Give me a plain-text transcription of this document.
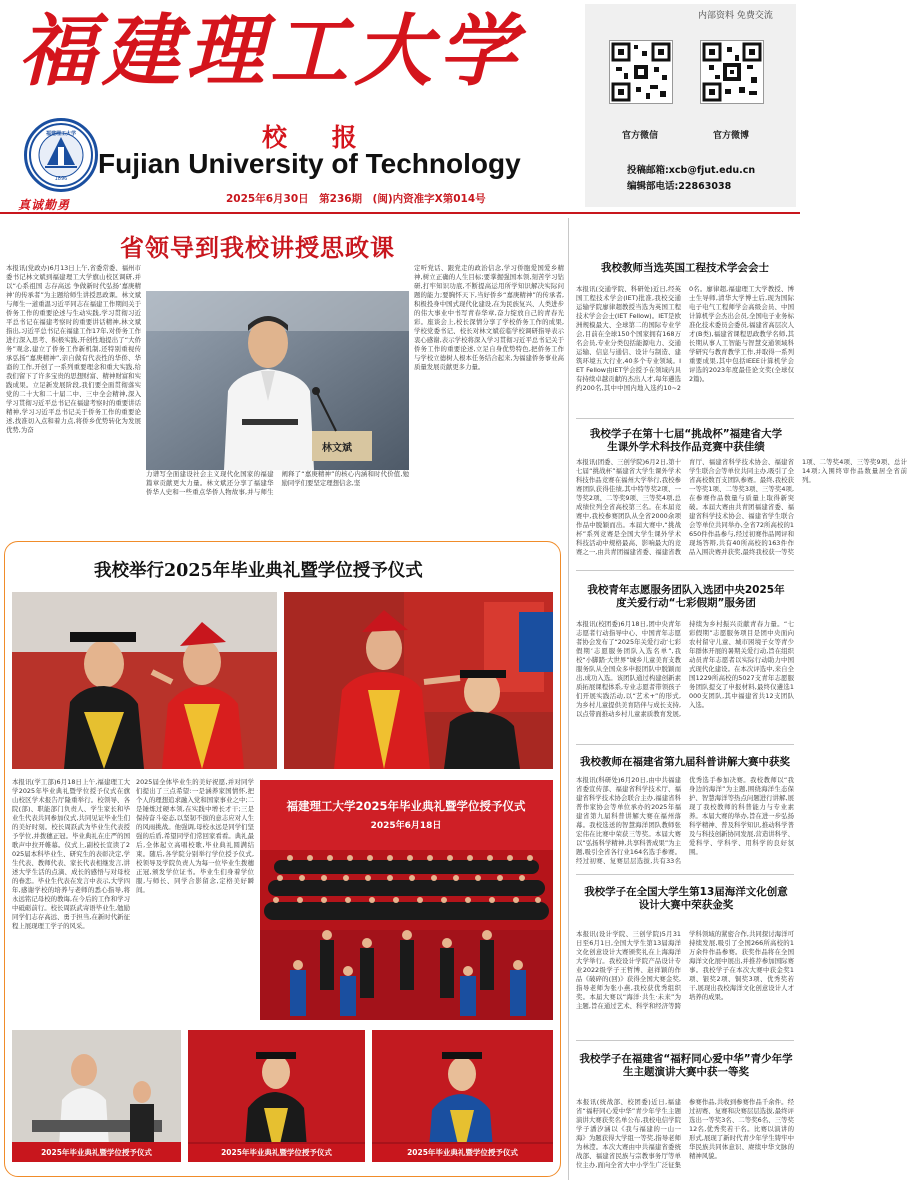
福建理工大学
福建理工大学
1896
校 报
Fujian University of Technology
真诚勤勇	2025年6月30日　第236期　(闽)内资准字X第014号
内部资料 免费交流
官方微信	官方微博
投稿邮箱:xcb@fjut.edu.cn
编辑部电话:22863038
省领导到我校讲授思政课
本报讯(党政办)6月13日上午,省委常委、福州市委书记林文斌到福建理工大学旗山校区调研,并以“心系祖国 志存高远 争做新时代弘扬‘嘉庚精神’的传承者”为主题给师生讲授思政课。林文斌与师生一道重温习近平同志在福建工作期间关于侨务工作的重要论述与生动实践,学习贯彻习近平总书记在福建考察时的重要讲话精神,林文斌指出,习近平总书记在福建工作17年,对侨务工作进行深入思考、积极实践,开创性地提出了“大侨务”观念,建立了侨务工作新机制,还特别重视传承弘扬“嘉庚精神”,亲自做有代表性的华侨、华裔的工作,开创了一系列重要理念和重大实践,给我们留下了许多宝贵的思想财富、精神财富和实践成果。立足新发展阶段,我们要全面贯彻落实党的二十大和二十届二中、三中全会精神,深入学习贯彻习近平总书记在福建考察时的重要讲话精神,学习习近平总书记关于侨务工作的重要论述,找准切入点和着力点,将侨乡优势转化为发展优势,为奋
林文斌
力谱写全面建设社会主义现代化国家的福建篇章贡献更大力量。林文斌还分享了福建华侨华人史和一些重点华侨人物故事,并与师生阐释了“嘉庚精神”的核心内涵和时代价值,勉励同学们要坚定理想信念,坚
定听党话、跟党走的政治信念,学习侨胞爱国爱乡精神,树立正确的人生目标;要掌握强国本领,刻苦学习钻研,打牢知识功底,不断提高运用所学知识解决实际问题的能力;要胸怀天下,当好侨乡“嘉庚精神”的传承者,积极投身中国式现代化建设,在为民族复兴、人类进步的伟大事业中书写青春华章,奋力绽放自己的青春光彩。座谈会上,校长深情分享了学校侨务工作的成果,学校党委书记、校长对林文斌莅临学校调研指导表示衷心感谢,表示学校将深入学习贯彻习近平总书记关于侨务工作的重要论述,立足自身优势特色,把侨务工作与学校立德树人根本任务结合起来,为福建侨务事业高质量发展贡献更多力量。
我校教师当选英国工程技术学会会士
本报讯(交通学院、科研处)近日,经英国工程技术学会(IET)批准,我校交通运输学院廖律超教授当选为英国工程技术学会会士(IET Fellow)。IET是欧洲规模最大、全球第二的国际专业学会,目前在全球150个国家拥有168万名会员,专业分类包括能源电力、交通运输、信息与通信、设计与制造、建筑环境五大行业,40多个专业领域。IET Fellow由IET学会授予在领域内具有持续卓越贡献的杰出人才,每年遴选约200名,其中中国内地入选约10~20名。廖律超,福建理工大学教授、博士生导师,清华大学博士后,现为国际电子电气工程师学会高级会员、中国计算机学会杰出会员,全国电子业务标准化技术委员会委员,福建省高层次人才(B类),福建省课程思政教学名师,其长期从事人工智能与智慧交通领域科学研究与教育教学工作,并取得一系列重要成果,其中包括IEEE计算机学会评选的2023年度最佳论文奖(全球仅2篇)。
我校学子在第十七届“挑战杯”福建省大学生课外学术科技作品竞赛中获佳绩
本报讯(团委、三创学院)6月2日,第十七届“挑战杯”福建省大学生课外学术科技作品竞赛在福州大学举行,我校参赛团队获得佳绩,其中特等奖2项、一等奖2项、二等奖9项、三等奖4项,总成绩位列全省高校第三名。在本届竞赛中,我校参赛团队从全省2000余项作品中脱颖而出。本届大赛中,“挑战杯”系列竞赛是全国大学生课外学术科技活动中规格最高、影响最大的竞赛之一,由共青团福建省委、福建省教育厅、福建省科学技术协会、福建省学生联合会等单位共同主办,吸引了全省高校数百支团队参赛。最终,我校获一等奖1项、二等奖3项、三等奖4项,在参赛作品数量与质量上取得新突破。本届大赛由共青团福建省委、福建省科学技术协会、福建省学生联合会等单位共同举办,全省72所高校的1650件作品参与,经过初赛作品网评和现场答辩,共有40所高校的163件作品入围决赛并获奖,最终我校获一等奖1项、二等奖4项、三等奖9项、总计14项;入围终审作品数量居全省前列。
我校青年志愿服务团队入选团中央2025年度关爱行动“七彩假期”服务团
本报讯(校团委)6月18日,团中央青年志愿者行动指导中心、中国青年志愿者协会发布了“2025年关爱行动‘七彩假期’志愿服务团队入选名单”,我校“小脚踏·大世界”城乡儿童美育支教服务队从全国众多申报团队中脱颖而出,成功入选。该团队通过构建创新素质拓展课程体系,专业志愿者带领孩子们开展实践活动,以“艺术+”的形式,为乡村儿童提供美育陪伴与成长支持,以点带面推动乡村儿童素质教育发展,持续为乡村振兴贡献青春力量。“七彩假期”志愿服务项目是团中央面向农村留守儿童、城市困境子女等青少年群体开展的暑期关爱行动,旨在组织动员青年志愿者以实际行动助力中国式现代化建设。在本次评选中,来自全国1229所高校的5027支青年志愿服务团队提交了申报材料,最终仅遴选1000支团队,其中福建省共12支团队入选。
我校教师在福建省第九届科普讲解大赛中获奖
本报讯(科研处)6月20日,由中共福建省委宣传部、福建省科学技术厅、福建省科学技术协会联合主办,福建省科普作家协会等单位承办的2025年福建省第九届科普讲解大赛在福州落幕。我校选送的智慧海洋团队教师张宏伟在比赛中荣获三等奖。本届大赛以“弘扬科学精神,共享科普成果”为主题,吸引全省各行业164名选手参赛。经过初赛、复赛层层选拔,共有33名优秀选手参加决赛。我校教师以“我身边的海洋”为主题,围绕海洋生态保护、智慧海洋等热点问题进行讲解,展现了我校教师的科普能力与专业素养。本届大赛的举办,旨在进一步弘扬科学精神、普及科学知识,推动科学普及与科技创新协同发展,营造讲科学、爱科学、学科学、用科学的良好氛围。
我校学子在全国大学生第13届海洋文化创意设计大赛中荣获金奖
本报讯(设计学院、三创学院)5月31日至6月1日,全国大学生第13届海洋文化创意设计大赛颁奖礼在上海海洋大学举行。我校设计学院产品设计专业2022级学子王哲博、赵祥颖的作品《破碎的(回)》获得全国大赛金奖,指导老师为张小燕,我校获优秀组织奖。本届大赛以“海洋·共生·未来”为主题,旨在通过艺术、科学和经济等跨学科领域的紧密合作,共同探讨海洋可持续发展,吸引了全国266所高校的1万余件作品参赛。获奖作品将在全国海洋文化展中展出,并推荐参加国际赛事。我校学子在本次大赛中获金奖1项、银奖2项、铜奖3项、优秀奖若干,展现出我校海洋文化创意设计人才培养的成果。
我校学子在福建省“福籽同心爱中华”青少年学生主题演讲大赛中获一等奖
本报讯(统战部、校团委)近日,福建省“福籽同心爱中华”青少年学生主题演讲大赛获奖名单公布,我校电信学院学子潘汐涵以《我与福建的一山一海》为题获得大学组一等奖,指导老师为林滢。本次大赛由中共福建省委统战部、福建省民族与宗教事务厅等单位主办,面向全省大中小学生广泛征集参赛作品,共收到参赛作品千余件。经过初赛、复赛和决赛层层选拔,最终评选出一等奖3名、二等奖6名、三等奖12名,优秀奖若干名。比赛以演讲的形式,展现了新时代青少年学生铸牢中华民族共同体意识、赓续中华文脉的精神风貌。
我校举行2025年毕业典礼暨学位授予仪式
本报讯(学工部)6月18日上午,福建理工大学2025年毕业典礼暨学位授予仪式在旗山校区学术报告厅隆重举行。校领导、各院(部)、职能部门负责人、学生家长和毕业生代表共同参加仪式,共同见证毕业生们的美好时刻。校长周跃武为毕业生代表授予学位,并拨穗正冠。毕业典礼在庄严的国歌声中拉开帷幕。仪式上,副校长宣读了2025届本科毕业生、研究生的表彰决定,学生代表、教师代表、家长代表相继发言,讲述大学生活的点滴、成长的感悟与对母校的眷恋。毕业生代表在发言中表示,大学四年,感谢学校的培养与老师的悉心指导,将永远铭记母校的教诲,在今后的工作和学习中砥砺前行。校长周跃武寄语毕业生,勉励同学们志存高远、勇于担当,在新时代新征程上展现理工学子的风采。
2025届全体毕业生的美好祝愿,并对同学们提出了三点希望:一是涵养家国情怀,把个人的理想追求融入党和国家事业之中;二是锤炼过硬本领,在实践中增长才干;三是保持奋斗姿态,以坚韧不拔的意志应对人生的风雨挑战。他强调,母校永远是同学们坚强的后盾,希望同学们常回家看看。典礼最后,全体起立高唱校歌,毕业典礼圆满结束。随后,各学院分别举行学位授予仪式,校领导及学院负责人为每一位毕业生拨穗正冠,颁发学位证书。毕业生们身着学位服,与师长、同学合影留念,定格美好瞬间。
福建理工大学2025年毕业典礼暨学位授予仪式
2025年6月18日
2025年毕业典礼暨学位授予仪式	2025年毕业典礼暨学位授予仪式	2025年毕业典礼暨学位授予仪式
